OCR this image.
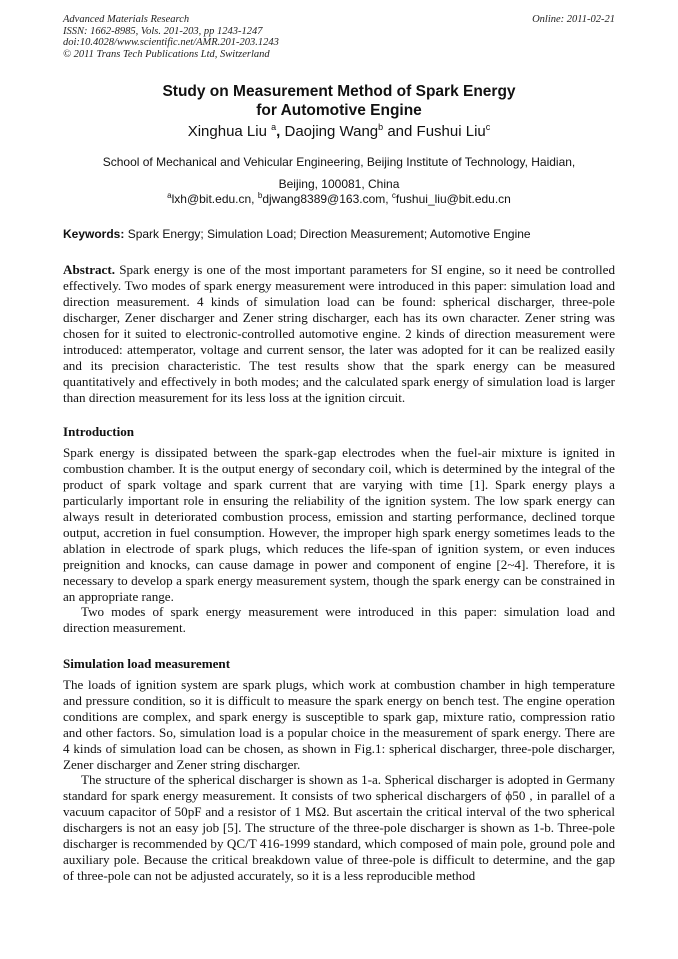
Advanced Materials Research
ISSN: 1662-8985, Vols. 201-203, pp 1243-1247
doi:10.4028/www.scientific.net/AMR.201-203.1243
© 2011 Trans Tech Publications Ltd, Switzerland
Online: 2011-02-21
Study on Measurement Method of Spark Energy
for Automotive Engine
Xinghua Liu $^a$, Daojing Wang$^b$ and Fushui Liu$^c$
School of Mechanical and Vehicular Engineering, Beijing Institute of Technology, Haidian,
Beijing, 100081, China
$^a$lxh@bit.edu.cn, $^b$djwang8389@163.com, $^c$fushui_liu@bit.edu.cn
Keywords: Spark Energy; Simulation Load; Direction Measurement; Automotive Engine

Abstract. Spark energy is one of the most important parameters for SI engine, so it need be controlled effectively. Two modes of spark energy measurement were introduced in this paper: simulation load and direction measurement. 4 kinds of simulation load can be found: spherical discharger, three-pole discharger, Zener discharger and Zener string discharger, each has its own character. Zener string was chosen for it suited to electronic-controlled automotive engine. 2 kinds of direction measurement were introduced: attemperator, voltage and current sensor, the later was adopted for it can be realized easily and its precision characteristic. The test results show that the spark energy can be measured quantitatively and effectively in both modes; and the calculated spark energy of simulation load is larger than direction measurement for its less loss at the ignition circuit.

Introduction

Spark energy is dissipated between the spark-gap electrodes when the fuel-air mixture is ignited in combustion chamber. It is the output energy of secondary coil, which is determined by the integral of the product of spark voltage and spark current that are varying with time [1]. Spark energy plays a particularly important role in ensuring the reliability of the ignition system. The low spark energy can always result in deteriorated combustion process, emission and starting performance, declined torque output, accretion in fuel consumption. However, the improper high spark energy sometimes leads to the ablation in electrode of spark plugs, which reduces the life-span of ignition system, or even induces preignition and knocks, can cause damage in power and component of engine [2~4]. Therefore, it is necessary to develop a spark energy measurement system, though the spark energy can be constrained in an appropriate range.

Two modes of spark energy measurement were introduced in this paper: simulation load and direction measurement.

Simulation load measurement

The loads of ignition system are spark plugs, which work at combustion chamber in high temperature and pressure condition, so it is difficult to measure the spark energy on bench test. The engine operation conditions are complex, and spark energy is susceptible to spark gap, mixture ratio, compression ratio and other factors. So, simulation load is a popular choice in the measurement of spark energy. There are 4 kinds of simulation load can be chosen, as shown in Fig.1: spherical discharger, three-pole discharger, Zener discharger and Zener string discharger.

The structure of the spherical discharger is shown as 1-a. Spherical discharger is adopted in Germany standard for spark energy measurement. It consists of two spherical dischargers of ϕ50 , in parallel of a vacuum capacitor of 50pF and a resistor of 1 MΩ. But ascertain the critical interval of the two spherical dischargers is not an easy job [5]. The structure of the three-pole discharger is shown as 1-b. Three-pole discharger is recommended by QC/T 416-1999 standard, which composed of main pole, ground pole and auxiliary pole. Because the critical breakdown value of three-pole is difficult to determine, and the gap of three-pole can not be adjusted accurately, so it is a less reproducible method
